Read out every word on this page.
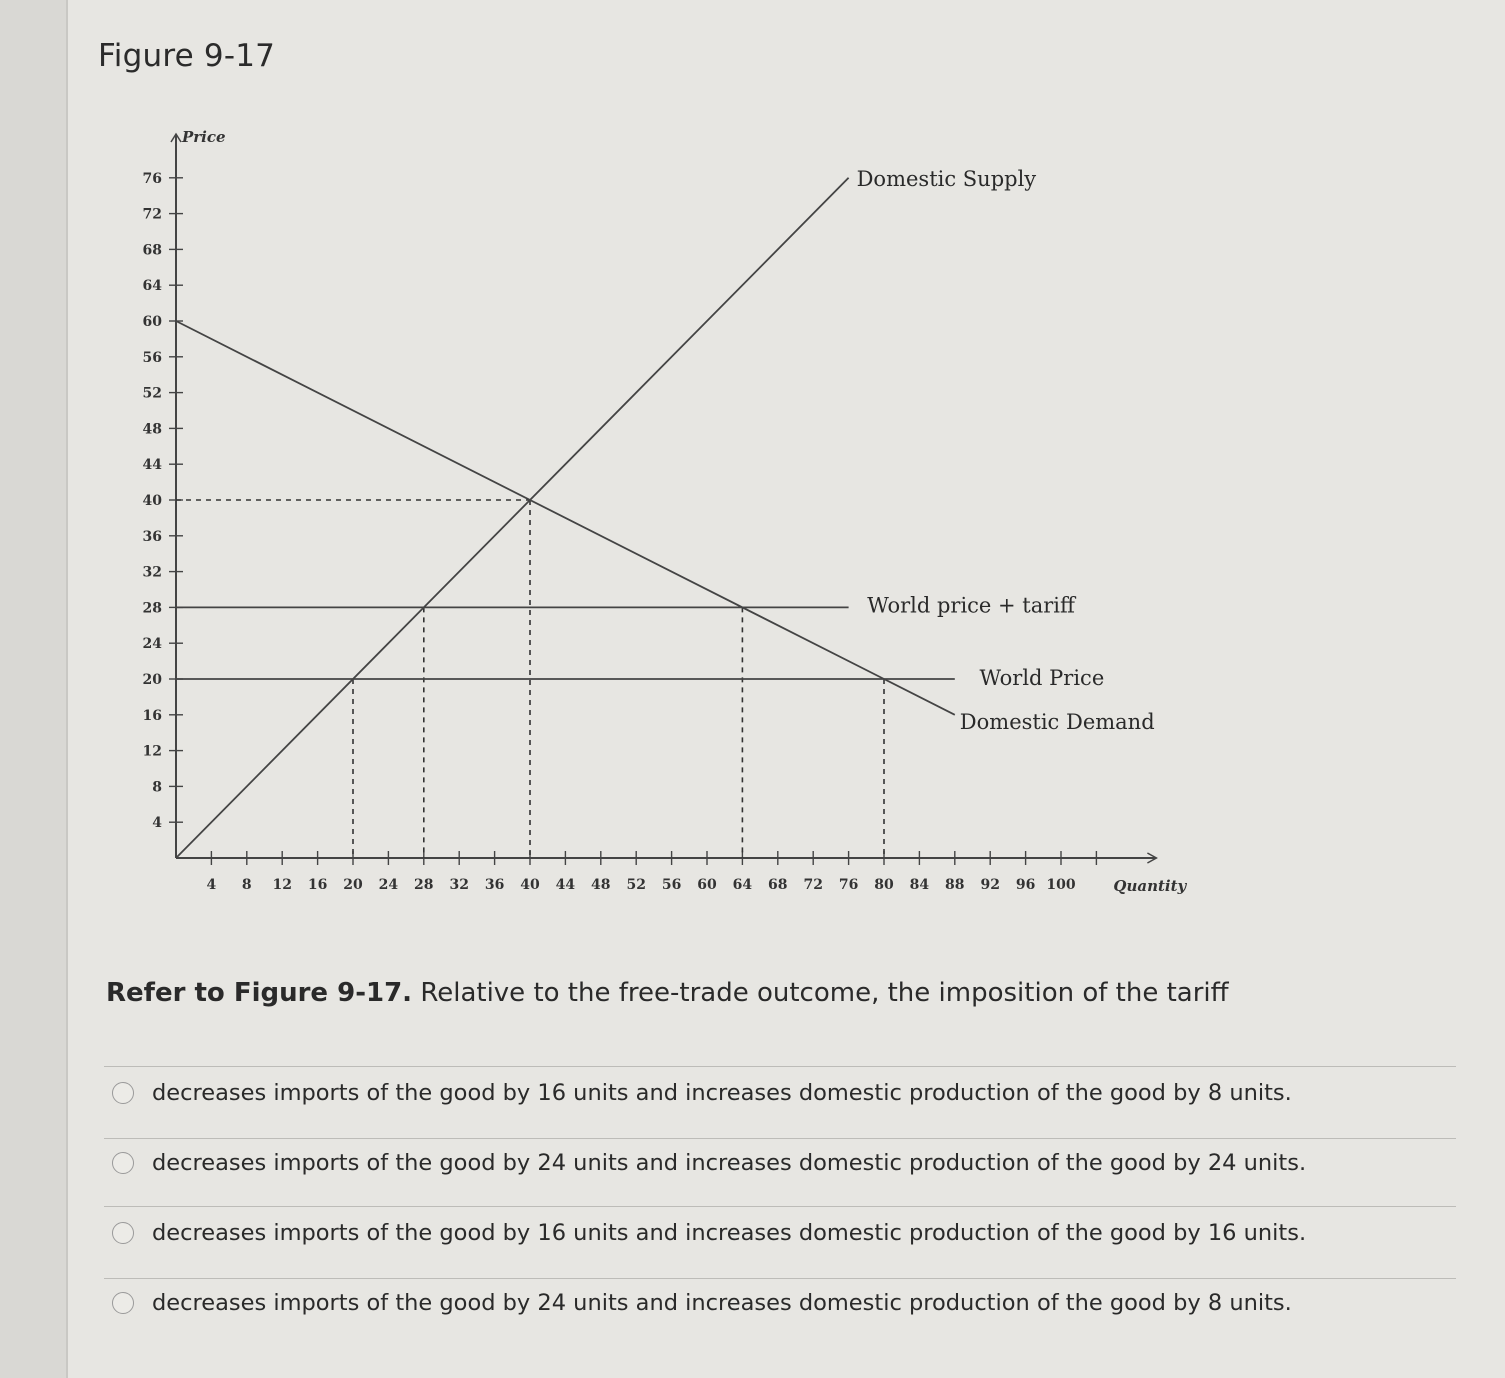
Figure 9-17
4
8
12
16
20
24
28
32
36
40
44
48
52
56
60
64
68
72
76
4 8 12 16 20 24 28 32 36 40 44 48 52 56 60 64 68 72 76 80 84 88 92 96 100
Price
Quantity
Domestic Supply
World price + tariff
World Price
Domestic Demand
Refer to Figure 9-17. Relative to the free-trade outcome, the imposition of the tariff
decreases imports of the good by 16 units and increases domestic production of the good by 8 units.
decreases imports of the good by 24 units and increases domestic production of the good by 24 units.
decreases imports of the good by 16 units and increases domestic production of the good by 16 units.
decreases imports of the good by 24 units and increases domestic production of the good by 8 units.
